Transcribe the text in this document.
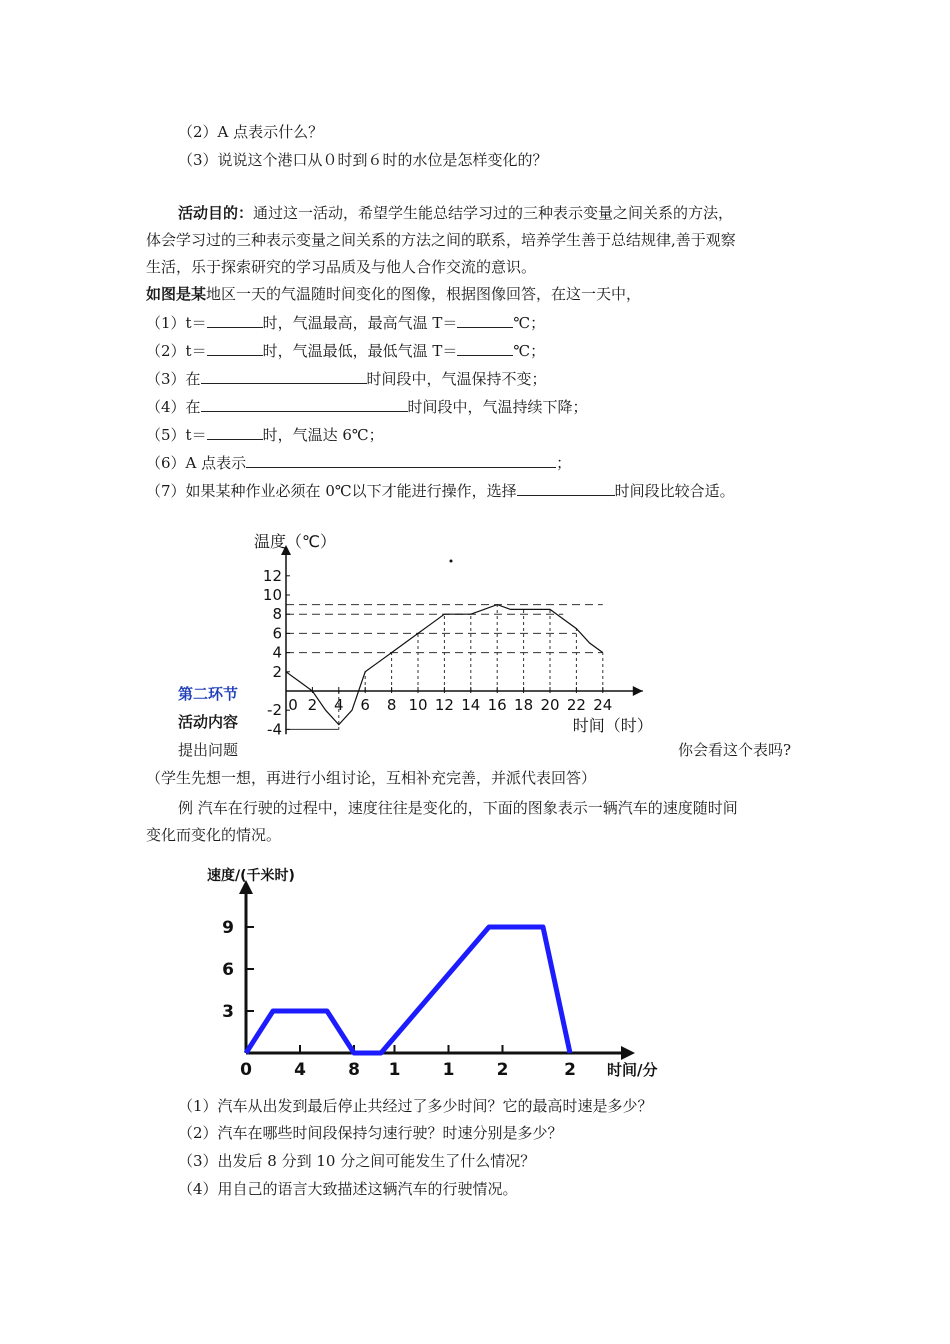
（2）A 点表示什么？
（3）说说这个港口从０时到６时的水位是怎样变化的？
活动目的：通过这一活动，希望学生能总结学习过的三种表示变量之间关系的方法，
体会学习过的三种表示变量之间关系的方法之间的联系，培养学生善于总结规律,善于观察
生活，乐于探索研究的学习品质及与他人合作交流的意识。
如图是某地区一天的气温随时间变化的图像，根据图像回答，在这一天中，
（1）t＝	时，气温最高，最高气温 T＝	℃；
（2）t＝	时，气温最低，最低气温 T＝	℃；
（3）在	时间段中，气温保持不变；
（4）在	时间段中，气温持续下降；
（5）t＝	时，气温达 6℃；
（6）A 点表示	；
（7）如果某种作业必须在 0℃以下才能进行操作，选择	时间段比较合适。
0 2 4 6 8 10 12 14 16 18 20 22 24
-4
-2
2
4
6
8
10
12
温度（℃）
时间（时）
第二环节
活动内容
提出问题	你会看这个表吗?
（学生先想一想，再进行小组讨论，互相补充完善，并派代表回答）
例 汽车在行驶的过程中，速度往往是变化的，下面的图象表示一辆汽车的速度随时间
变化而变化的情况。
3
6
9
0 4 8 1 1 2	2
速度/(千米时)
时间/分
（1）汽车从出发到最后停止共经过了多少时间？它的最高时速是多少？
（2）汽车在哪些时间段保持匀速行驶？时速分别是多少？
（3）出发后 8 分到 10 分之间可能发生了什么情况？
（4）用自己的语言大致描述这辆汽车的行驶情况。
